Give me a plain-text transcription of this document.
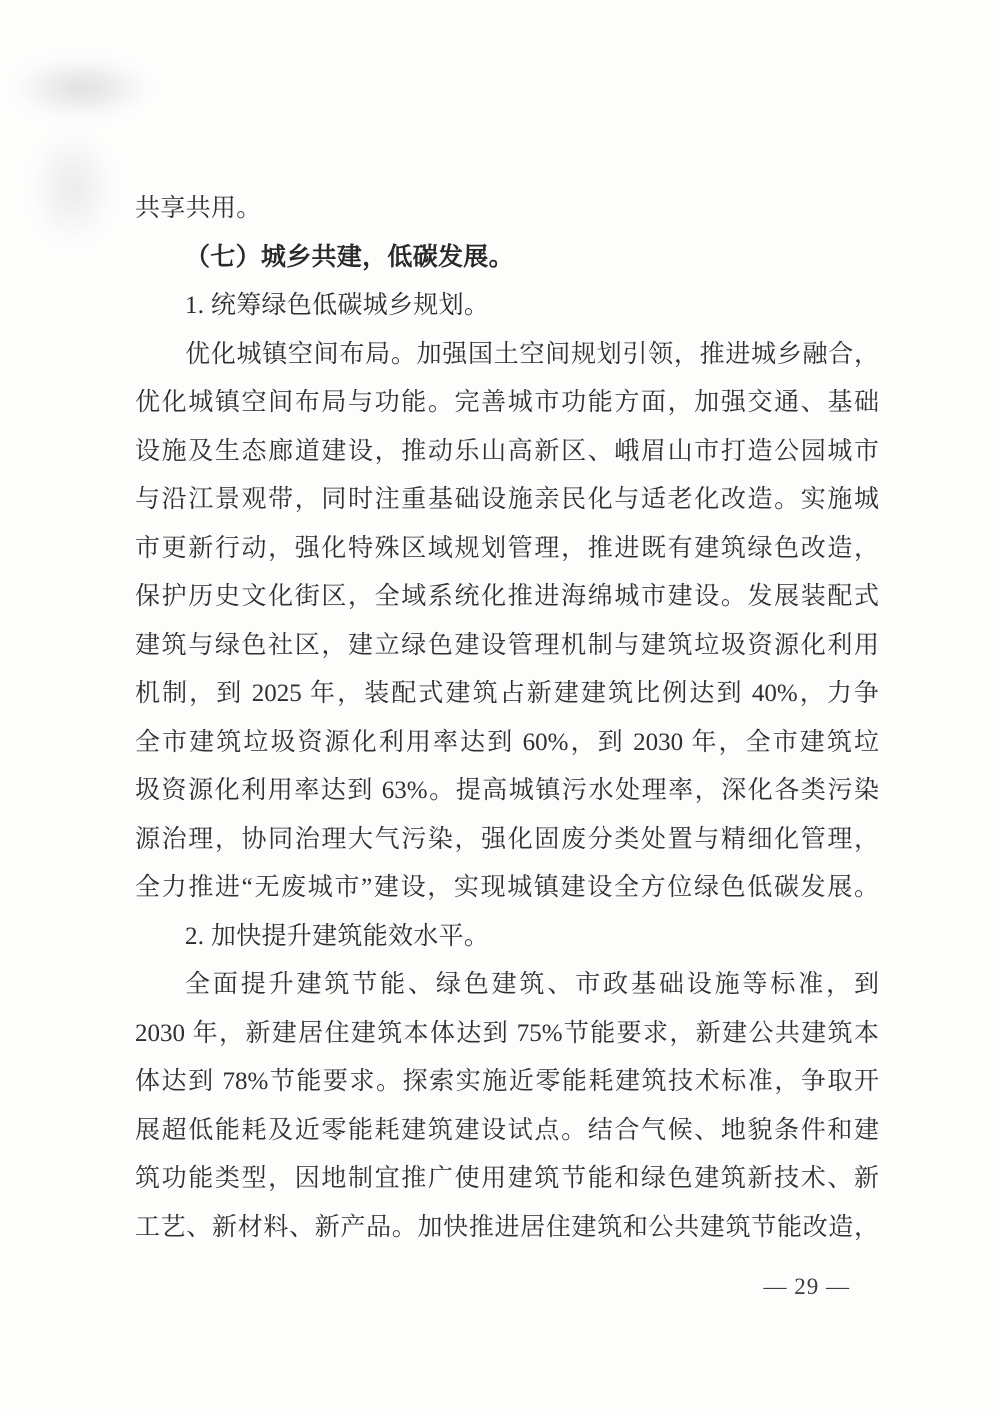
共享共用。
（七）城乡共建，低碳发展。
1. 统筹绿色低碳城乡规划。
优化城镇空间布局。加强国土空间规划引领，推进城乡融合，
优化城镇空间布局与功能。完善城市功能方面，加强交通、基础
设施及生态廊道建设，推动乐山高新区、峨眉山市打造公园城市
与沿江景观带，同时注重基础设施亲民化与适老化改造。实施城
市更新行动，强化特殊区域规划管理，推进既有建筑绿色改造，
保护历史文化街区，全域系统化推进海绵城市建设。发展装配式
建筑与绿色社区，建立绿色建设管理机制与建筑垃圾资源化利用
机制，到 2025 年，装配式建筑占新建建筑比例达到 40%，力争
全市建筑垃圾资源化利用率达到 60%，到 2030 年，全市建筑垃
圾资源化利用率达到 63%。提高城镇污水处理率，深化各类污染
源治理，协同治理大气污染，强化固废分类处置与精细化管理，
全力推进“无废城市”建设，实现城镇建设全方位绿色低碳发展。
2. 加快提升建筑能效水平。
全面提升建筑节能、绿色建筑、市政基础设施等标准，到
2030 年，新建居住建筑本体达到 75%节能要求，新建公共建筑本
体达到 78%节能要求。探索实施近零能耗建筑技术标准，争取开
展超低能耗及近零能耗建筑建设试点。结合气候、地貌条件和建
筑功能类型，因地制宜推广使用建筑节能和绿色建筑新技术、新
工艺、新材料、新产品。加快推进居住建筑和公共建筑节能改造，
— 29 —
